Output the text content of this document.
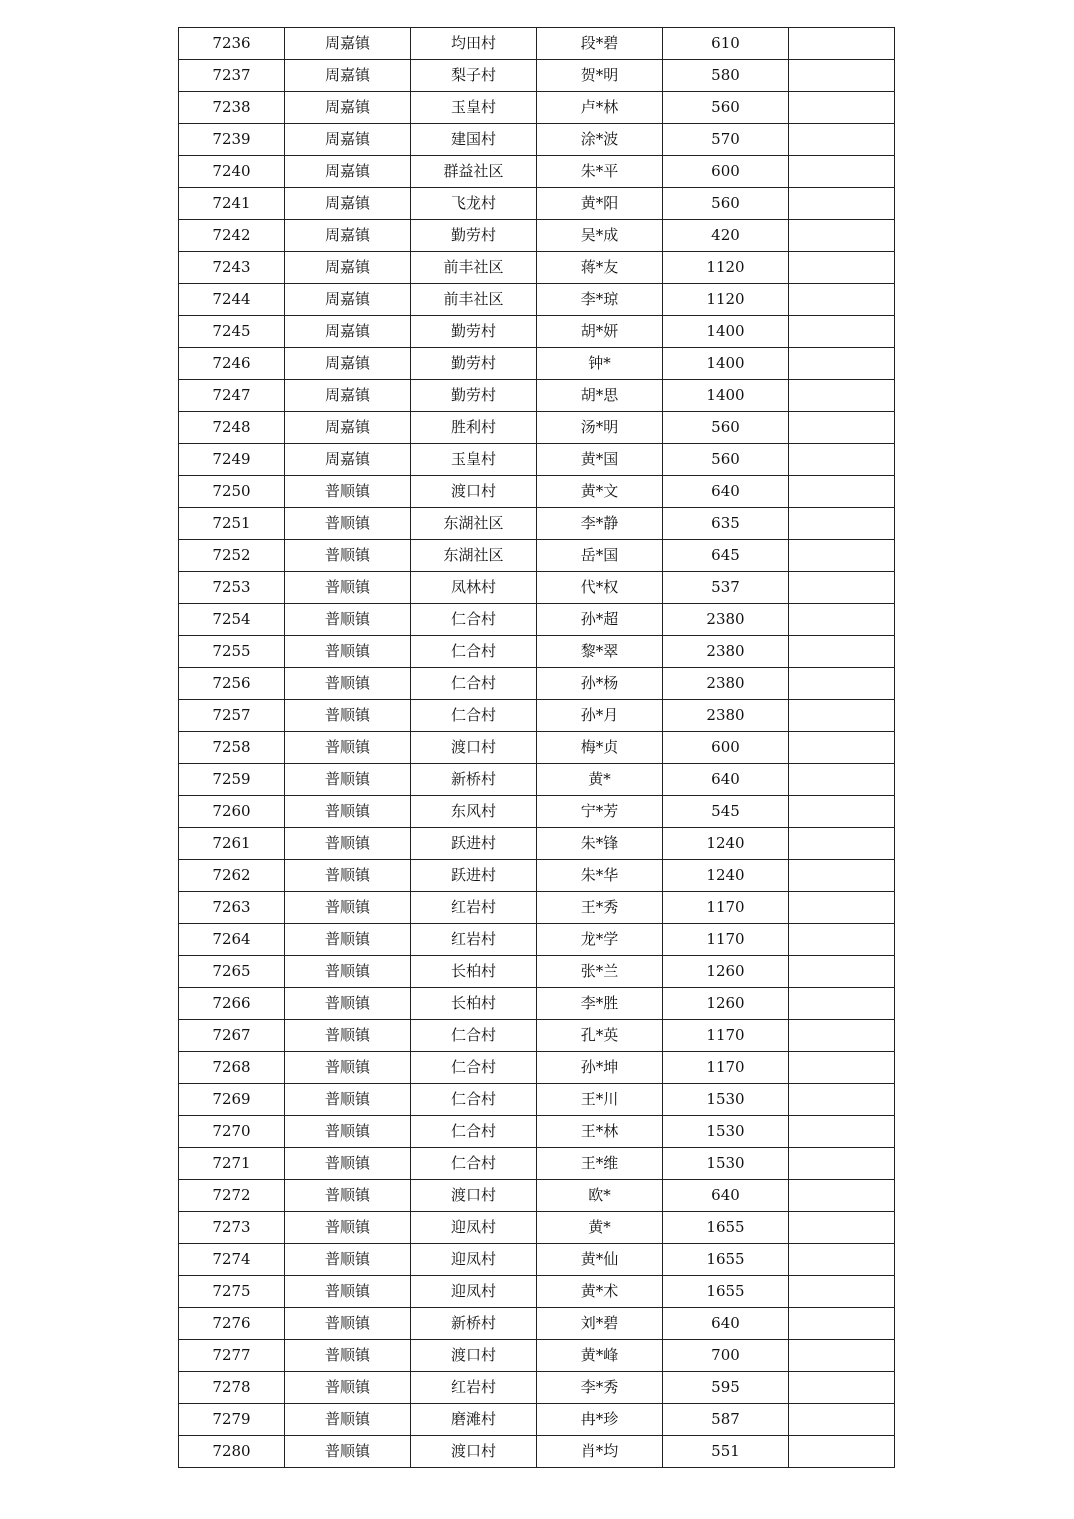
7236	周嘉镇	均田村	段*碧	610	
7237	周嘉镇	梨子村	贺*明	580	
7238	周嘉镇	玉皇村	卢*林	560	
7239	周嘉镇	建国村	涂*波	570	
7240	周嘉镇	群益社区	朱*平	600	
7241	周嘉镇	飞龙村	黄*阳	560	
7242	周嘉镇	勤劳村	吴*成	420	
7243	周嘉镇	前丰社区	蒋*友	1120	
7244	周嘉镇	前丰社区	李*琼	1120	
7245	周嘉镇	勤劳村	胡*妍	1400	
7246	周嘉镇	勤劳村	钟*	1400	
7247	周嘉镇	勤劳村	胡*思	1400	
7248	周嘉镇	胜利村	汤*明	560	
7249	周嘉镇	玉皇村	黄*国	560	
7250	普顺镇	渡口村	黄*文	640	
7251	普顺镇	东湖社区	李*静	635	
7252	普顺镇	东湖社区	岳*国	645	
7253	普顺镇	凤林村	代*权	537	
7254	普顺镇	仁合村	孙*超	2380	
7255	普顺镇	仁合村	黎*翠	2380	
7256	普顺镇	仁合村	孙*杨	2380	
7257	普顺镇	仁合村	孙*月	2380	
7258	普顺镇	渡口村	梅*贞	600	
7259	普顺镇	新桥村	黄*	640	
7260	普顺镇	东风村	宁*芳	545	
7261	普顺镇	跃进村	朱*锋	1240	
7262	普顺镇	跃进村	朱*华	1240	
7263	普顺镇	红岩村	王*秀	1170	
7264	普顺镇	红岩村	龙*学	1170	
7265	普顺镇	长柏村	张*兰	1260	
7266	普顺镇	长柏村	李*胜	1260	
7267	普顺镇	仁合村	孔*英	1170	
7268	普顺镇	仁合村	孙*坤	1170	
7269	普顺镇	仁合村	王*川	1530	
7270	普顺镇	仁合村	王*林	1530	
7271	普顺镇	仁合村	王*维	1530	
7272	普顺镇	渡口村	欧*	640	
7273	普顺镇	迎凤村	黄*	1655	
7274	普顺镇	迎凤村	黄*仙	1655	
7275	普顺镇	迎凤村	黄*术	1655	
7276	普顺镇	新桥村	刘*碧	640	
7277	普顺镇	渡口村	黄*峰	700	
7278	普顺镇	红岩村	李*秀	595	
7279	普顺镇	磨滩村	冉*珍	587	
7280	普顺镇	渡口村	肖*均	551	
